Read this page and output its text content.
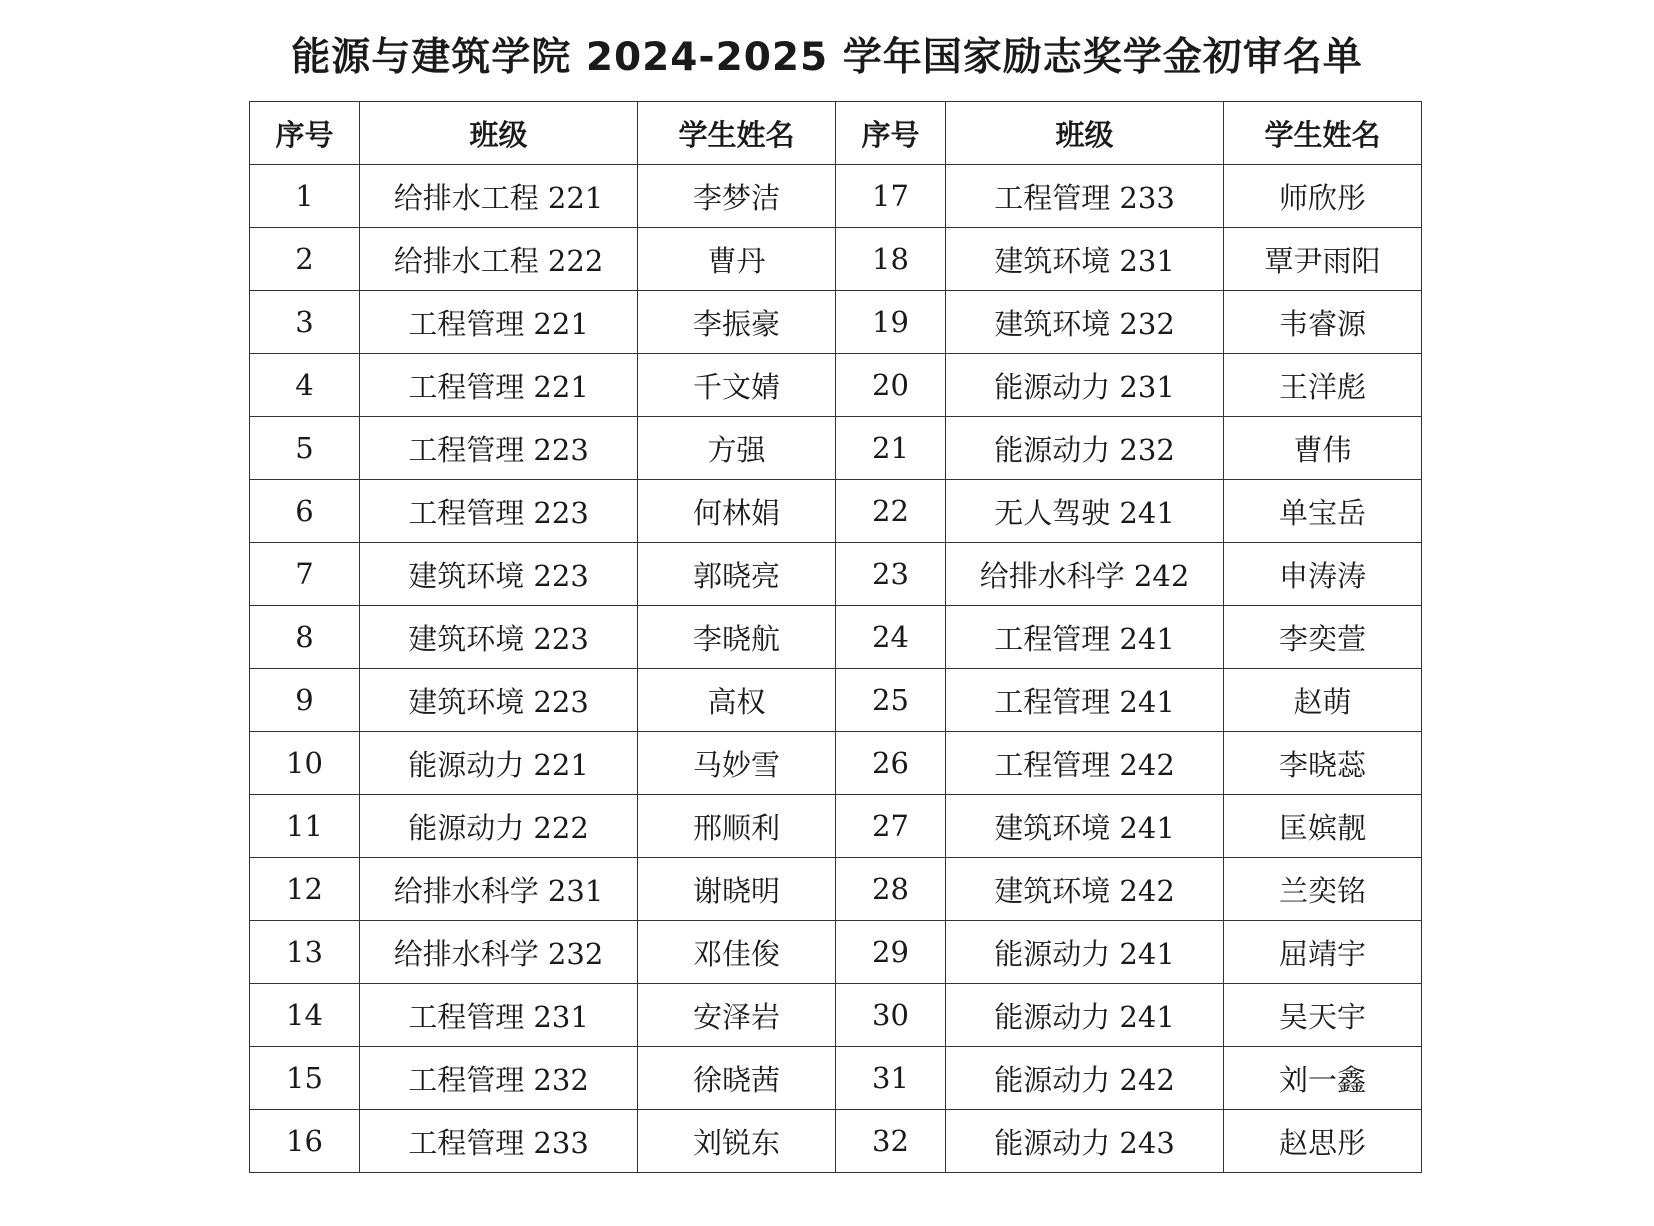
能源与建筑学院 2024-2025 学年国家励志奖学金初审名单
序号	班级	学生姓名	序号	班级	学生姓名
1	给排水工程 221	李梦洁	17	工程管理 233	师欣彤
2	给排水工程 222	曹丹	18	建筑环境 231	覃尹雨阳
3	工程管理 221	李振豪	19	建筑环境 232	韦睿源
4	工程管理 221	千文婧	20	能源动力 231	王洋彪
5	工程管理 223	方强	21	能源动力 232	曹伟
6	工程管理 223	何林娟	22	无人驾驶 241	单宝岳
7	建筑环境 223	郭晓亮	23	给排水科学 242	申涛涛
8	建筑环境 223	李晓航	24	工程管理 241	李奕萱
9	建筑环境 223	高权	25	工程管理 241	赵萌
10	能源动力 221	马妙雪	26	工程管理 242	李晓蕊
11	能源动力 222	邢顺利	27	建筑环境 241	匡嫔靓
12	给排水科学 231	谢晓明	28	建筑环境 242	兰奕铭
13	给排水科学 232	邓佳俊	29	能源动力 241	屈靖宇
14	工程管理 231	安泽岩	30	能源动力 241	吴天宇
15	工程管理 232	徐晓茜	31	能源动力 242	刘一鑫
16	工程管理 233	刘锐东	32	能源动力 243	赵思彤
